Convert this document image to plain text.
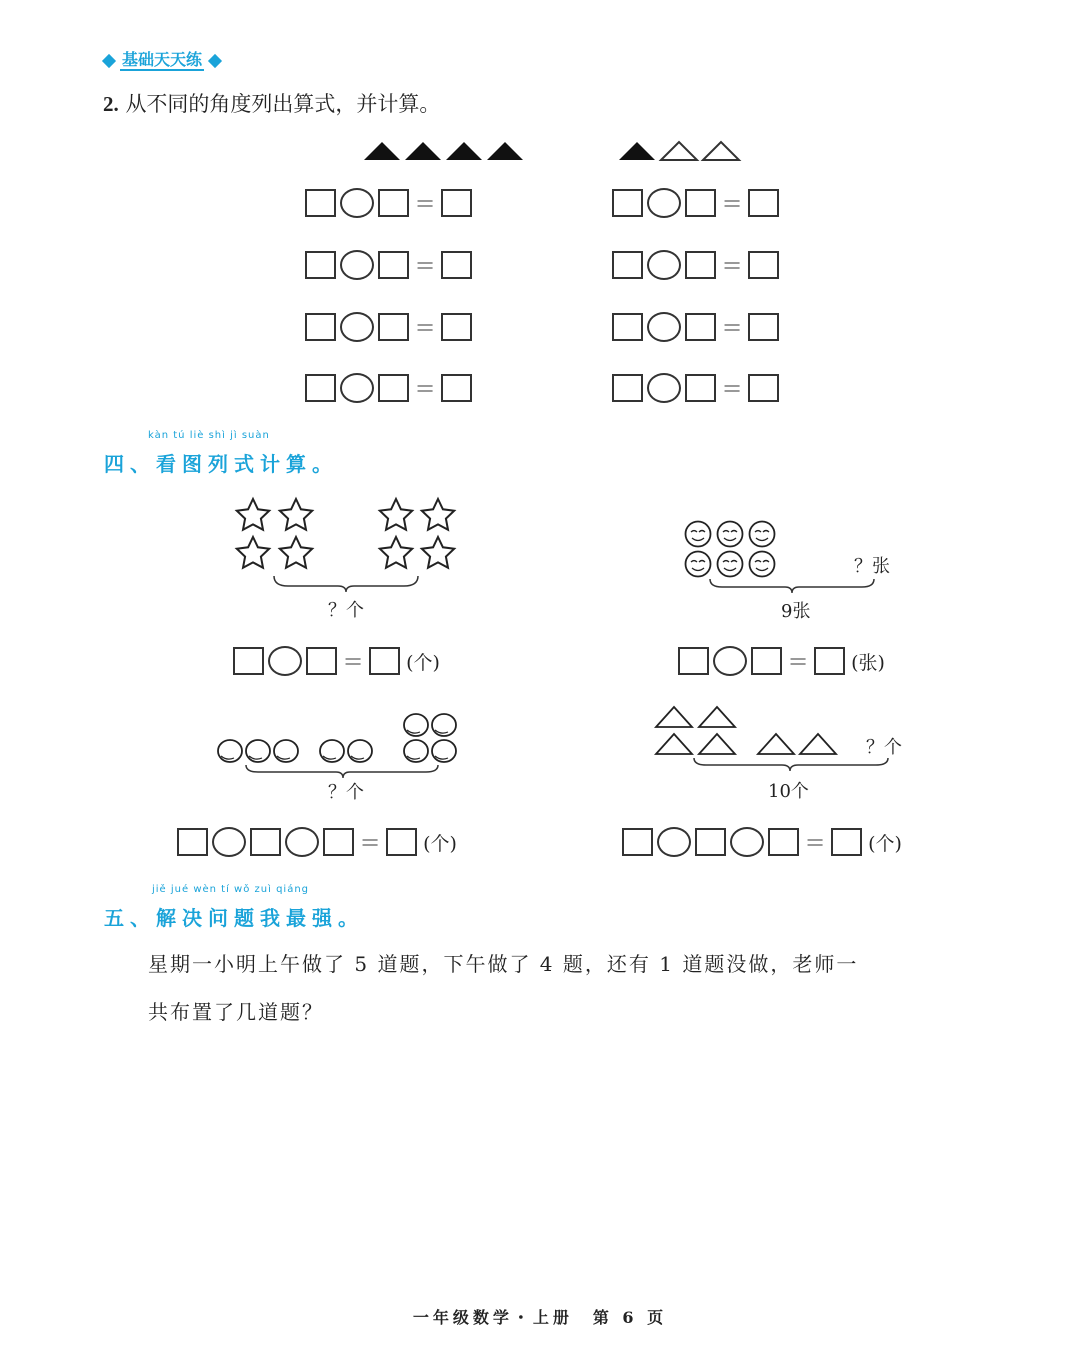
基础天天练
2. 从不同的角度列出算式，并计算。
=
=
=
=
=
=
=
=
kàn tú liè shì jì suàn
四、看图列式计算。
？个
= (个)
？张
9张
= (张)
？个
= (个)
？个
10个
= (个)
jiě jué wèn tí wǒ zuì qiáng
五、解决问题我最强。
星期一小明上午做了 5 道题，下午做了 4 题，还有 1 道题没做，老师一
共布置了几道题？
一年级数学・上册　第 6 页
